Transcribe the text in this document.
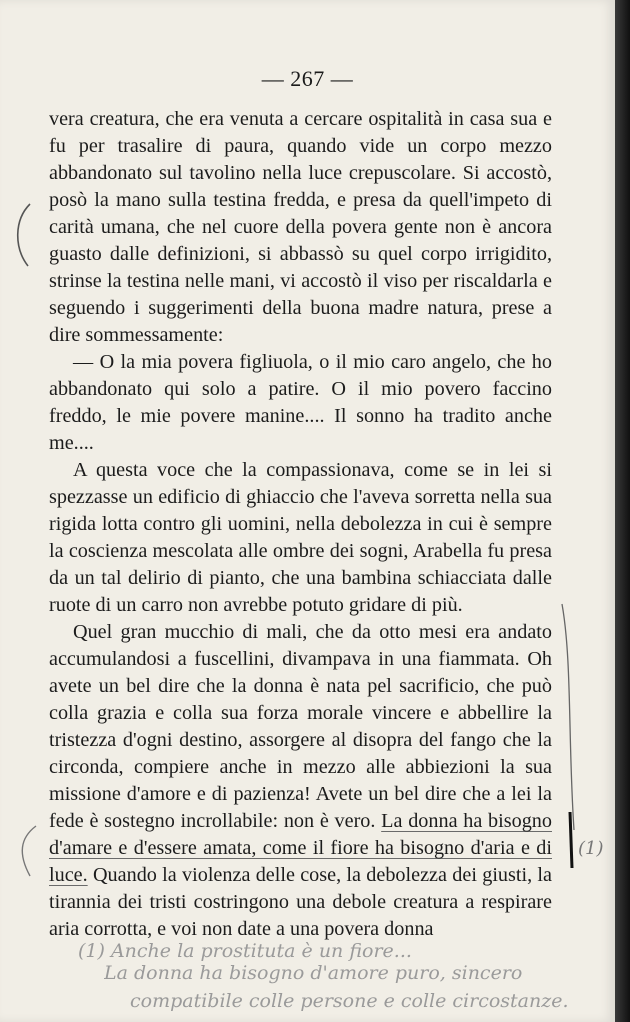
— 267 —

vera creatura, che era venuta a cercare ospitalità in casa sua e fu per trasalire di paura, quando vide un corpo mezzo abbandonato sul tavolino nella luce crepuscolare. Si accostò, posò la mano sulla testina fredda, e presa da quell'impeto di carità umana, che nel cuore della povera gente non è ancora guasto dalle definizioni, si abbassò su quel corpo irrigidito, strinse la testina nelle mani, vi accostò il viso per riscaldarla e seguendo i suggerimenti della buona madre natura, prese a dire sommessamente:

— O la mia povera figliuola, o il mio caro angelo, che ho abbandonato qui solo a patire. O il mio povero faccino freddo, le mie povere manine.... Il sonno ha tradito anche me....

A questa voce che la compassionava, come se in lei si spezzasse un edificio di ghiaccio che l'aveva sorretta nella sua rigida lotta contro gli uomini, nella debolezza in cui è sempre la coscienza mescolata alle ombre dei sogni, Arabella fu presa da un tal delirio di pianto, che una bambina schiacciata dalle ruote di un carro non avrebbe potuto gridare di più.

Quel gran mucchio di mali, che da otto mesi era andato accumulandosi a fuscellini, divampava in una fiammata. Oh avete un bel dire che la donna è nata pel sacrificio, che può colla grazia e colla sua forza morale vincere e abbellire la tristezza d'ogni destino, assorgere al disopra del fango che la circonda, compiere anche in mezzo alle abbiezioni la sua missione d'amore e di pazienza! Avete un bel dire che a lei la fede è sostegno incrollabile: non è vero. La donna ha bisogno d'amare e d'essere amata, come il fiore ha bisogno d'aria e di luce. Quando la violenza delle cose, la debolezza dei giusti, la tirannia dei tristi costringono una debole creatura a respirare aria corrotta, e voi non date a una povera donna

(1)
(1) Anche la prostituta è un fiore...
La donna ha bisogno d'amore puro, sincero
compatibile colle persone e colle circostanze.
